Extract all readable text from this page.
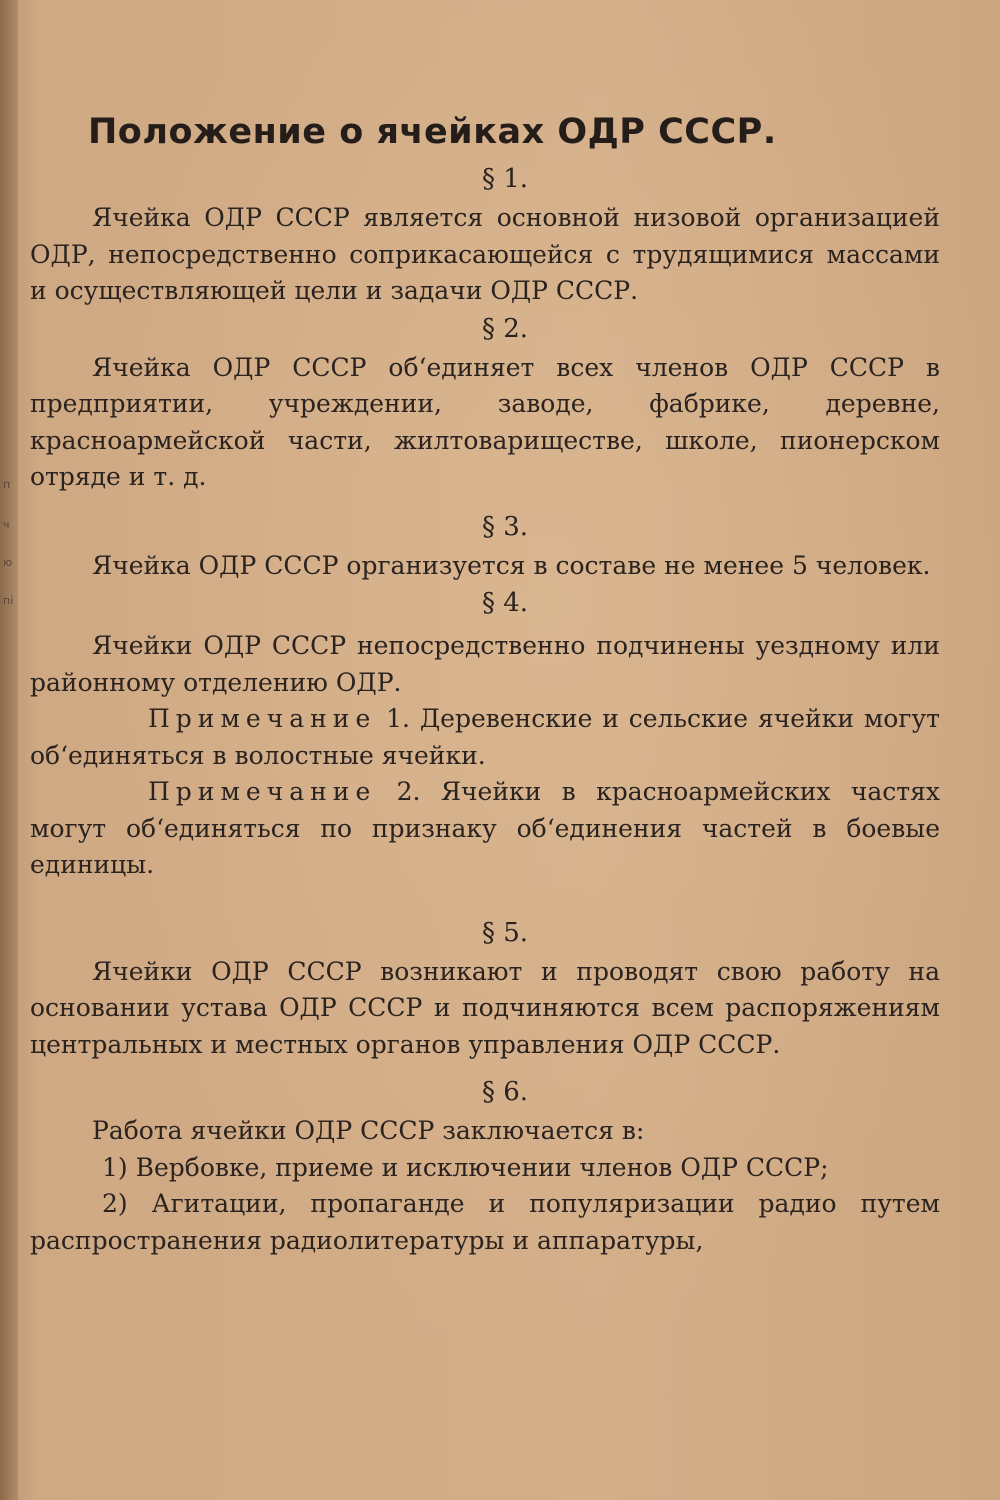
п
ч
ю
пі
Положение о ячейках ОДР СССР.
§ 1.

Ячейка ОДР СССР является основной низовой организацией ОДР, непосредственно соприкасающейся с трудящимися массами и осуществляющей цели и задачи ОДР СССР.

§ 2.

Ячейка ОДР СССР об‘единяет всех членов ОДР СССР в предприятии, учреждении, заводе, фабрике, деревне, красноармейской части, жилтовариществе, школе, пионерском отряде и т. д.

§ 3.

Ячейка ОДР СССР организуется в составе не менее 5 человек.

§ 4.

Ячейки ОДР СССР непосредственно подчинены уездному или районному отделению ОДР.

Примечание 1. Деревенские и сельские ячейки могут об‘единяться в волостные ячейки.

Примечание 2. Ячейки в красноармейских частях могут об‘единяться по признаку об‘единения частей в боевые единицы.

§ 5.

Ячейки ОДР СССР возникают и проводят свою работу на основании устава ОДР СССР и подчиняются всем распоряжениям центральных и местных органов управления ОДР СССР.

§ 6.

Работа ячейки ОДР СССР заключается в:

1) Вербовке, приеме и исключении членов ОДР СССР;

2) Агитации, пропаганде и популяризации радио путем распространения радиолитературы и аппаратуры,
